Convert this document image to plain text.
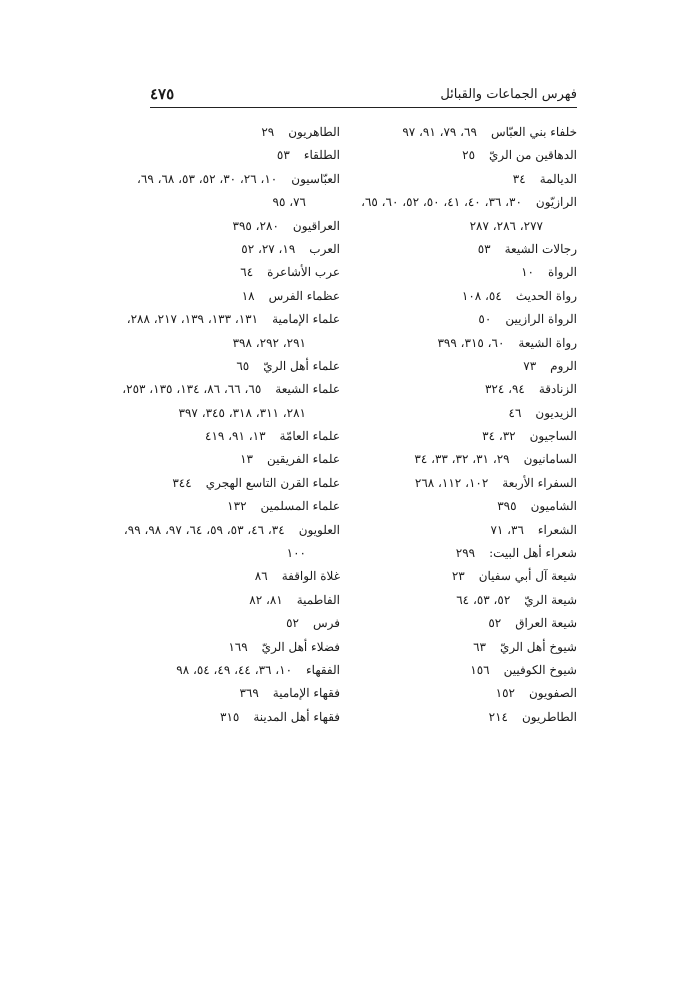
فهرس الجماعات والقبائل
٤٧٥
خلفاء بني العبّاس٦٩، ٧٩، ٩١، ٩٧
الدهاقين من الريّ٢٥
الديالمة٣٤
الرازيّون٣٠، ٣٦، ٤٠، ٤١، ٥٠، ٥٢، ٦٠، ٦٥،
٢٧٧، ٢٨٦، ٢٨٧
رجالات الشيعة٥٣
الرواة١٠
رواة الحديث٥٤، ١٠٨
الرواة الرازيين٥٠
رواة الشيعة٦٠، ٣١٥، ٣٩٩
الروم٧٣
الزنادقة٩٤، ٣٢٤
الزيديون٤٦
الساجيون٣٢، ٣٤
السامانيون٢٩، ٣١، ٣٢، ٣٣، ٣٤
السفراء الأربعة١٠٢، ١١٢، ٢٦٨
الشاميون٣٩٥
الشعراء٣٦، ٧١
شعراء أهل البيت:٢٩٩
شيعة آل أبي سفيان٢٣
شيعة الريّ٥٢، ٥٣، ٦٤
شيعة العراق٥٢
شيوخ أهل الريّ٦٣
شيوخ الكوفيين١٥٦
الصفويون١٥٢
الطاطريون٢١٤
الطاهريون٢٩
الطلقاء٥٣
العبّاسيون١٠، ٢٦، ٣٠، ٥٢، ٥٣، ٦٨، ٦٩،
٧٦، ٩٥
العراقيون٢٨٠، ٣٩٥
العرب١٩، ٢٧، ٥٢
عرب الأشاعرة٦٤
عظماء الفرس١٨
علماء الإمامية١٣١، ١٣٣، ١٣٩، ٢١٧، ٢٨٨،
٢٩١، ٢٩٢، ٣٩٨
علماء أهل الريّ٦٥
علماء الشيعة٦٥، ٦٦، ٨٦، ١٣٤، ١٣٥، ٢٥٣،
٢٨١، ٣١١، ٣١٨، ٣٤٥، ٣٩٧
علماء العامّة١٣، ٩١، ٤١٩
علماء الفريقين١٣
علماء القرن التاسع الهجري٣٤٤
علماء المسلمين١٣٢
العلويون٣٤، ٤٦، ٥٣، ٥٩، ٦٤، ٩٧، ٩٨، ٩٩،
١٠٠
غلاة الواقفة٨٦
الفاطمية٨١، ٨٢
فرس٥٢
فضلاء أهل الريّ١٦٩
الفقهاء١٠، ٣٦، ٤٤، ٤٩، ٥٤، ٩٨
فقهاء الإمامية٣٦٩
فقهاء أهل المدينة٣١٥
